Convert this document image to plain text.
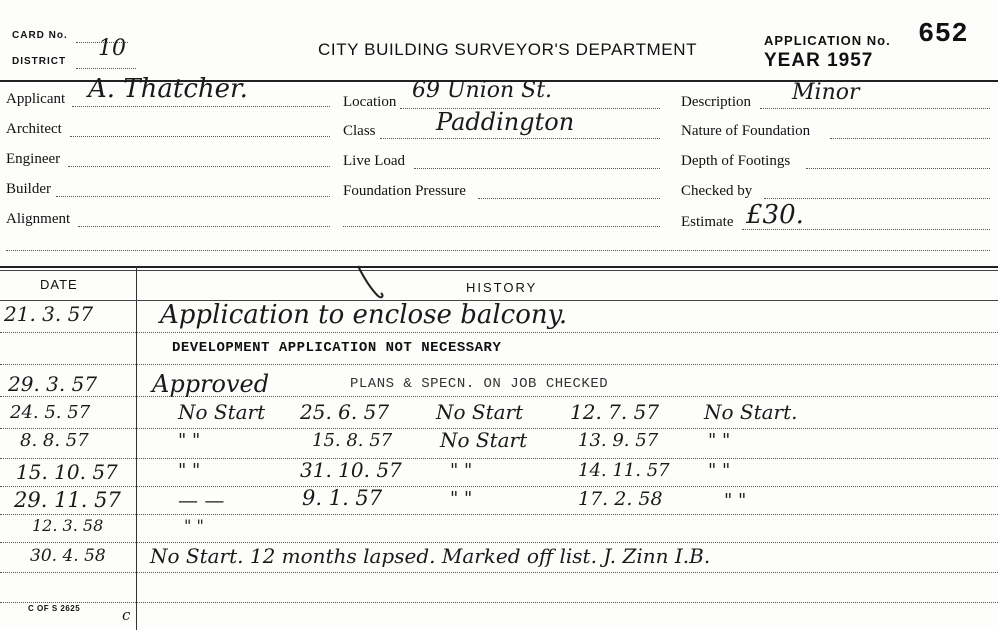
CARD No.
DISTRICT
10	CITY BUILDING SURVEYOR'S DEPARTMENT	APPLICATION No. 652
YEAR 1957
Applicant A. Thatcher.
Architect
Engineer
Builder
Alignment
Location 69 Union St.
Class	Paddington
Live Load
Foundation Pressure
Description Minor
Nature of Foundation
Depth of Footings
Checked by
Estimate £30.
DATE	HISTORY
21. 3. 57	Application to enclose balcony.
DEVELOPMENT APPLICATION NOT NECESSARY
29. 3. 57 Approved	PLANS & SPECN. ON JOB CHECKED
24. 5. 57	No Start 25. 6. 57 No Start 12. 7. 57 No Start.
8. 8. 57	" "	15. 8. 57 No Start	13. 9. 57	" "
15. 10. 57	" "	31. 10. 57	" "	14. 11. 57 " "
29. 11. 57	— —	9. 1. 57	" "	17. 2. 58	" "
12. 3. 58	" "
30. 4. 58 No Start. 12 months lapsed. Marked off list. J. Zinn I.B.
C OF S 2625	c
